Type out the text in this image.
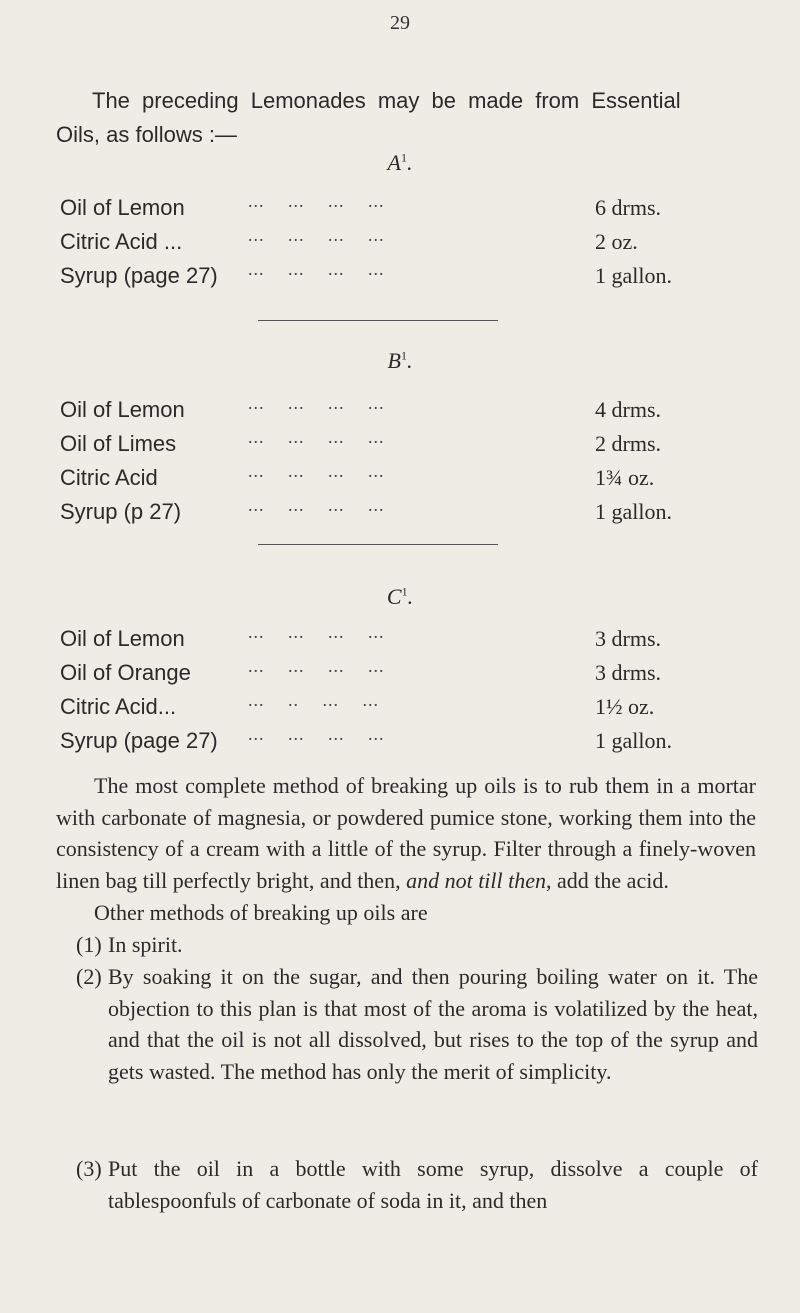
29
The preceding Lemonades may be made from Essential
Oils, as follows :—
$A^1$.
Oil of Lemon	... ... ... ...	6 drms.
Citric Acid ...	... ... ... ...	2 oz.
Syrup (page 27) ... ... ... ...	1 gallon.
$B^1$.
Oil of Lemon	... ... ... ...	4 drms.
Oil of Limes	... ... ... ...	2 drms.
Citric Acid	... ... ... ...	1¾ oz.
Syrup (p 27)	... ... ... ...	1 gallon.
$C^1$.
Oil of Lemon	... ... ... ...	3 drms.
Oil of Orange	... ... ... ...	3 drms.
Citric Acid...	... .. ... ...	1½ oz.
Syrup (page 27) ... ... ... ...	1 gallon.
The most complete method of breaking up oils is to rub them in a mortar with carbonate of magnesia, or powdered pumice stone, working them into the consistency of a cream with a little of the syrup. Filter through a finely-woven linen bag till perfectly bright, and then, and not till then, add the acid.
Other methods of breaking up oils are
(1) In spirit.
(2) By soaking it on the sugar, and then pouring boiling water on it. The objection to this plan is that most of the aroma is volatilized by the heat, and that the oil is not all dissolved, but rises to the top of the syrup and gets wasted. The method has only the merit of simplicity.
(3) Put the oil in a bottle with some syrup, dissolve a couple of tablespoonfuls of carbonate of soda in it, and then
